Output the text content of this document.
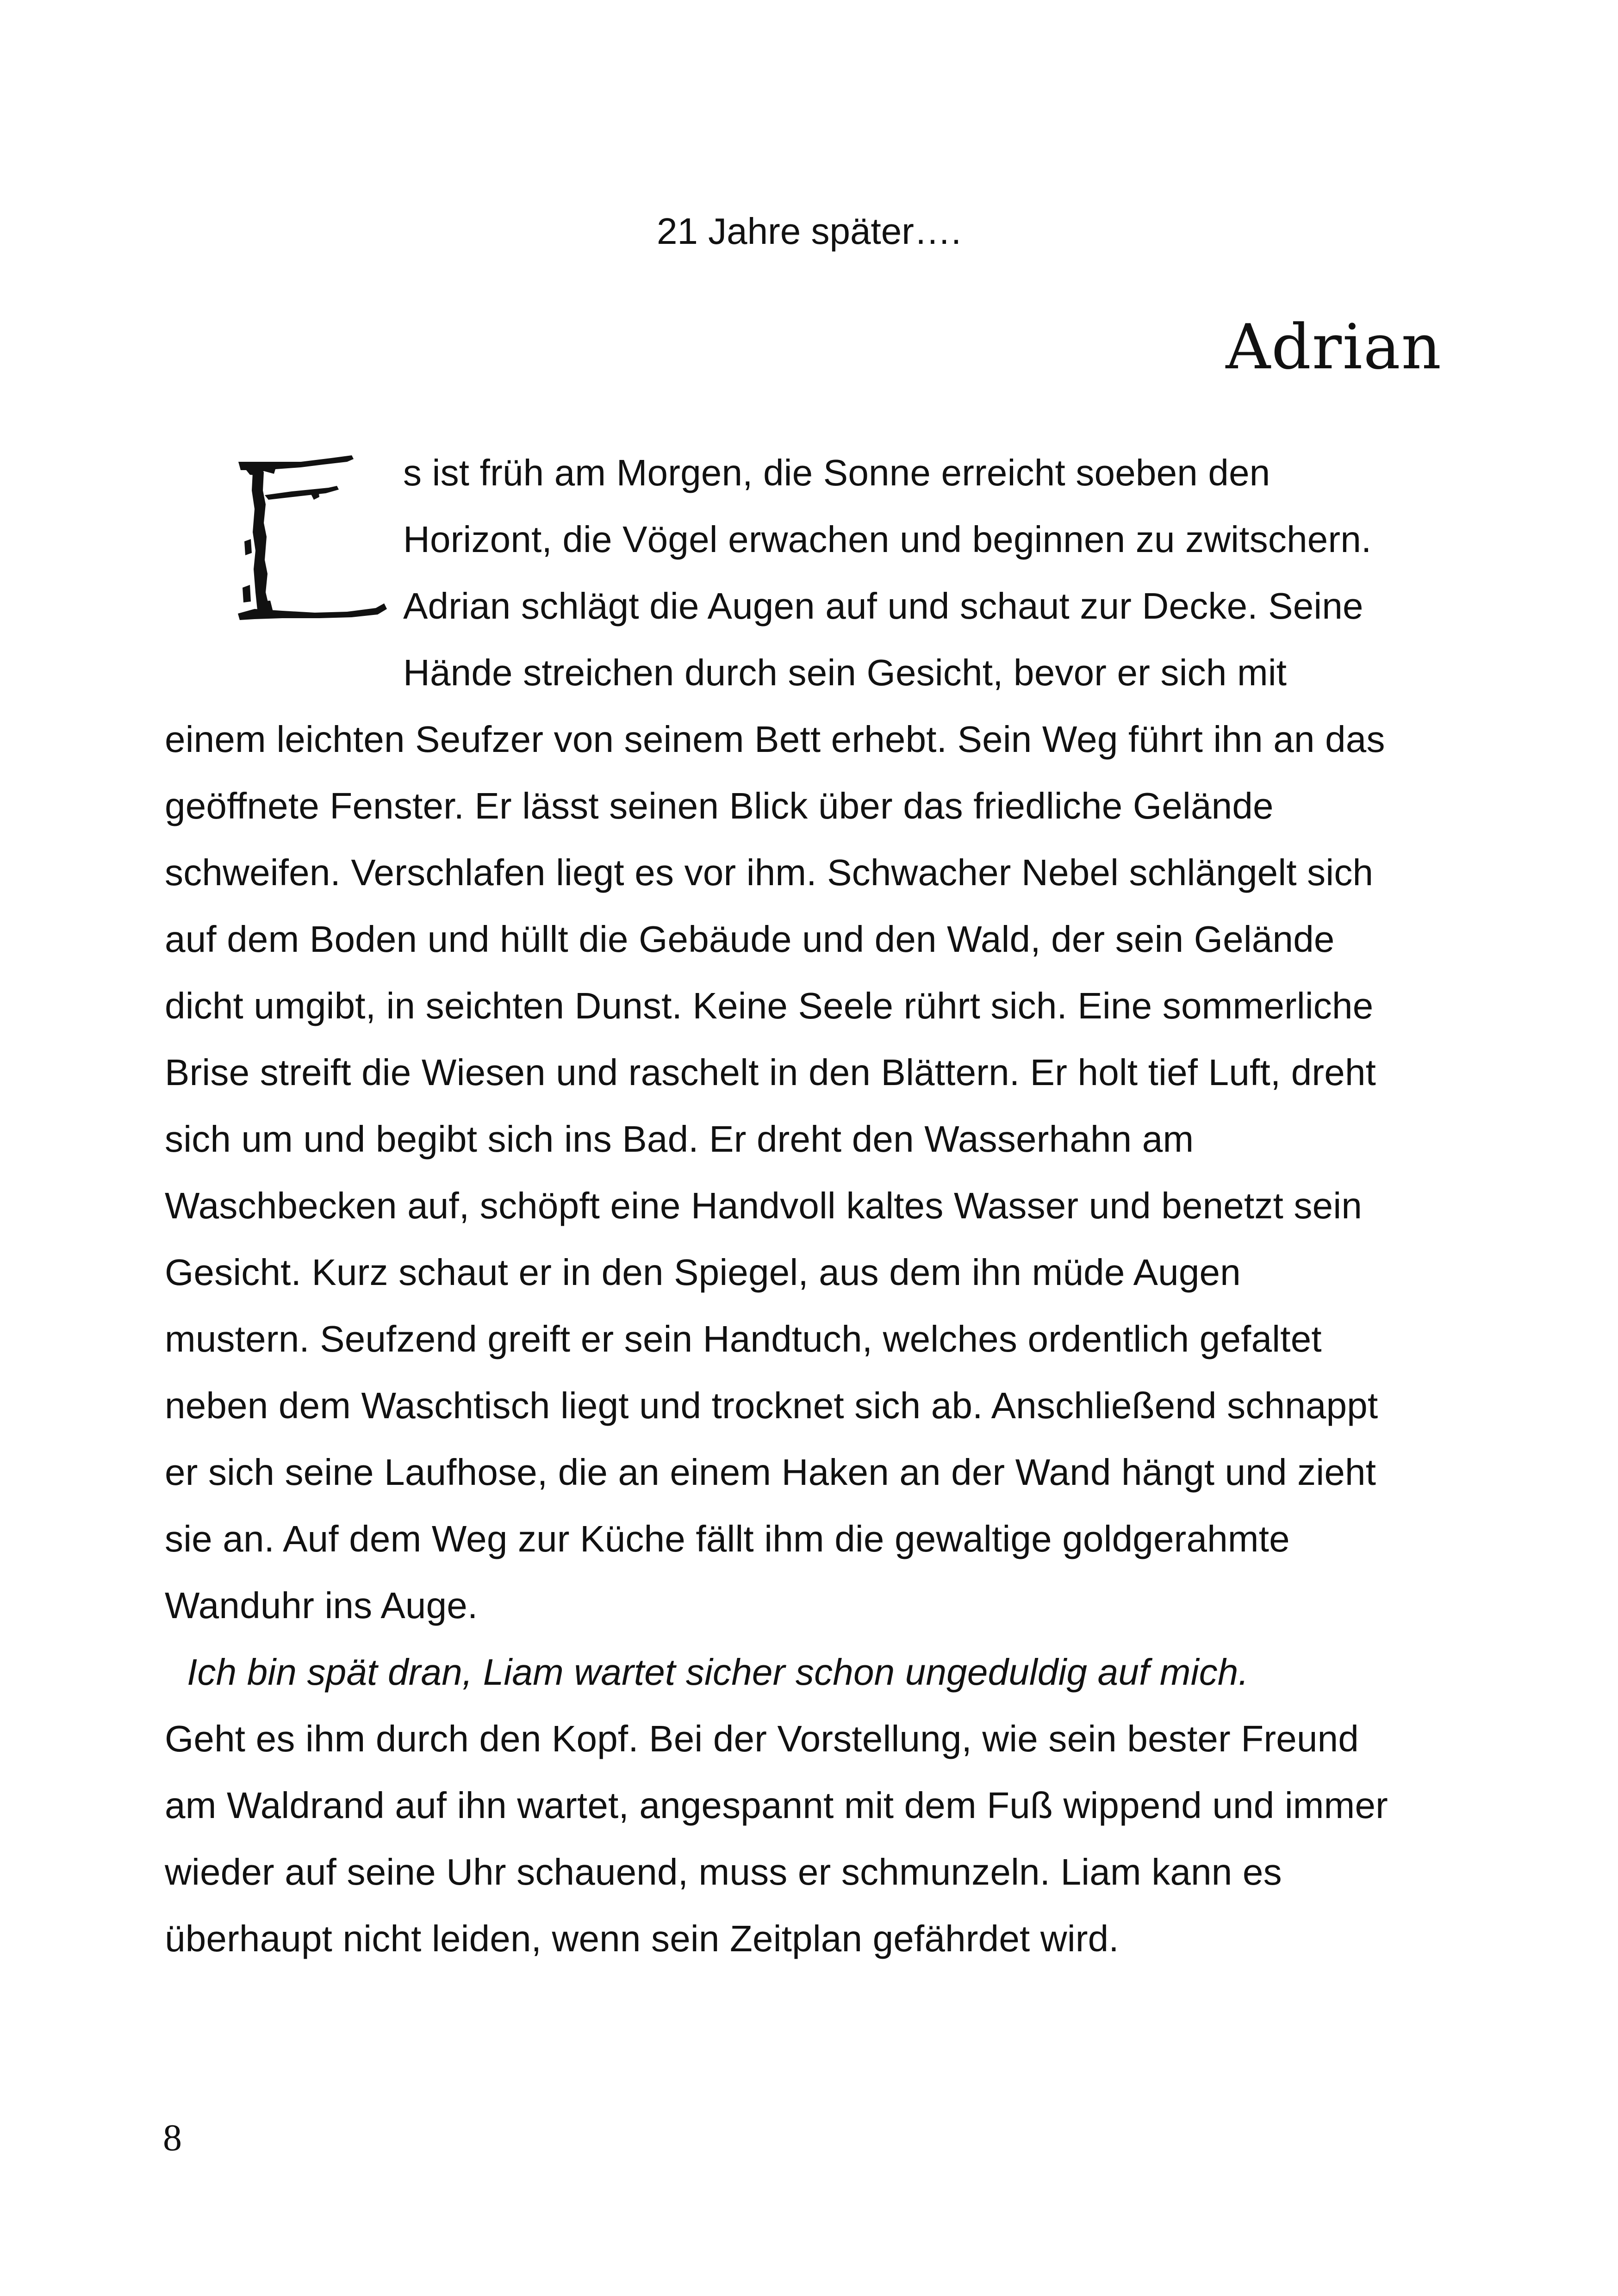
21 Jahre später….
Adrian
s ist früh am Morgen, die Sonne erreicht soeben den
Horizont, die Vögel erwachen und beginnen zu zwitschern.
Adrian schlägt die Augen auf und schaut zur Decke. Seine
Hände streichen durch sein Gesicht, bevor er sich mit
einem leichten Seufzer von seinem Bett erhebt. Sein Weg führt ihn an das
geöffnete Fenster. Er lässt seinen Blick über das friedliche Gelände
schweifen. Verschlafen liegt es vor ihm. Schwacher Nebel schlängelt sich
auf dem Boden und hüllt die Gebäude und den Wald, der sein Gelände
dicht umgibt, in seichten Dunst. Keine Seele rührt sich. Eine sommerliche
Brise streift die Wiesen und raschelt in den Blättern. Er holt tief Luft, dreht
sich um und begibt sich ins Bad. Er dreht den Wasserhahn am
Waschbecken auf, schöpft eine Handvoll kaltes Wasser und benetzt sein
Gesicht. Kurz schaut er in den Spiegel, aus dem ihn müde Augen
mustern. Seufzend greift er sein Handtuch, welches ordentlich gefaltet
neben dem Waschtisch liegt und trocknet sich ab. Anschließend schnappt
er sich seine Laufhose, die an einem Haken an der Wand hängt und zieht
sie an. Auf dem Weg zur Küche fällt ihm die gewaltige goldgerahmte
Wanduhr ins Auge.
Ich bin spät dran, Liam wartet sicher schon ungeduldig auf mich.
Geht es ihm durch den Kopf. Bei der Vorstellung, wie sein bester Freund
am Waldrand auf ihn wartet, angespannt mit dem Fuß wippend und immer
wieder auf seine Uhr schauend, muss er schmunzeln. Liam kann es
überhaupt nicht leiden, wenn sein Zeitplan gefährdet wird.
8
